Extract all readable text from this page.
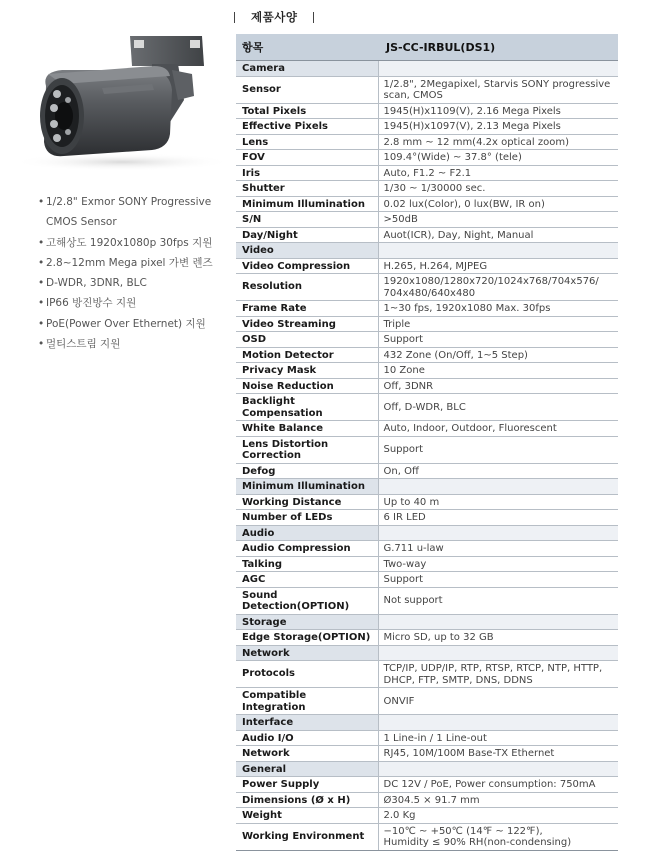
제품사양
• 1/2.8" Exmor SONY Progressive
CMOS Sensor
• 고해상도 1920x1080p 30fps 지원
• 2.8~12mm Mega pixel 가변 렌즈
• D-WDR, 3DNR, BLC
• IP66 방진방수 지원
• PoE(Power Over Ethernet) 지원
• 멀티스트림 지원
항목	JS-CC-IRBUL(DS1)
Camera	
Sensor	1/2.8", 2Megapixel, Starvis SONY progressive
scan, CMOS

Total Pixels	1945(H)x1109(V), 2.16 Mega Pixels

Effective Pixels	1945(H)x1097(V), 2.13 Mega Pixels

Lens	2.8 mm ~ 12 mm(4.2x optical zoom)

FOV	109.4°(Wide) ~ 37.8° (tele)

Iris	Auto, F1.2 ~ F2.1

Shutter	1/30 ~ 1/30000 sec.

Minimum Illumination	0.02 lux(Color), 0 lux(BW, IR on)

S/N	>50dB

Day/Night	Auot(ICR), Day, Night, Manual

Video	
Video Compression	H.265, H.264, MJPEG

Resolution	1920x1080/1280x720/1024x768/704x576/
704x480/640x480

Frame Rate	1~30 fps, 1920x1080 Max. 30fps

Video Streaming	Triple

OSD	Support

Motion Detector	432 Zone (On/Off, 1~5 Step)

Privacy Mask	10 Zone

Noise Reduction	Off, 3DNR

Backlight Compensation	Off, D-WDR, BLC

White Balance	Auto, Indoor, Outdoor, Fluorescent

Lens Distortion Correction	Support

Defog	On, Off

Minimum Illumination	
Working Distance	Up to 40 m

Number of LEDs	6 IR LED

Audio	
Audio Compression	G.711 u-law

Talking	Two-way

AGC	Support

Sound Detection(OPTION)	Not support

Storage	
Edge Storage(OPTION)	Micro SD, up to 32 GB

Network	
Protocols	TCP/IP, UDP/IP, RTP, RTSP, RTCP, NTP, HTTP,
DHCP, FTP, SMTP, DNS, DDNS

Compatible Integration	ONVIF

Interface	
Audio I/O	1 Line-in / 1 Line-out

Network	RJ45, 10M/100M Base-TX Ethernet

General	
Power Supply	DC 12V / PoE, Power consumption: 750mA

Dimensions (Ø x H)	Ø304.5 × 91.7 mm

Weight	2.0 Kg

Working Environment	−10℃ ~ +50℃ (14℉ ~ 122℉),
Humidity ≤ 90% RH(non-condensing)
